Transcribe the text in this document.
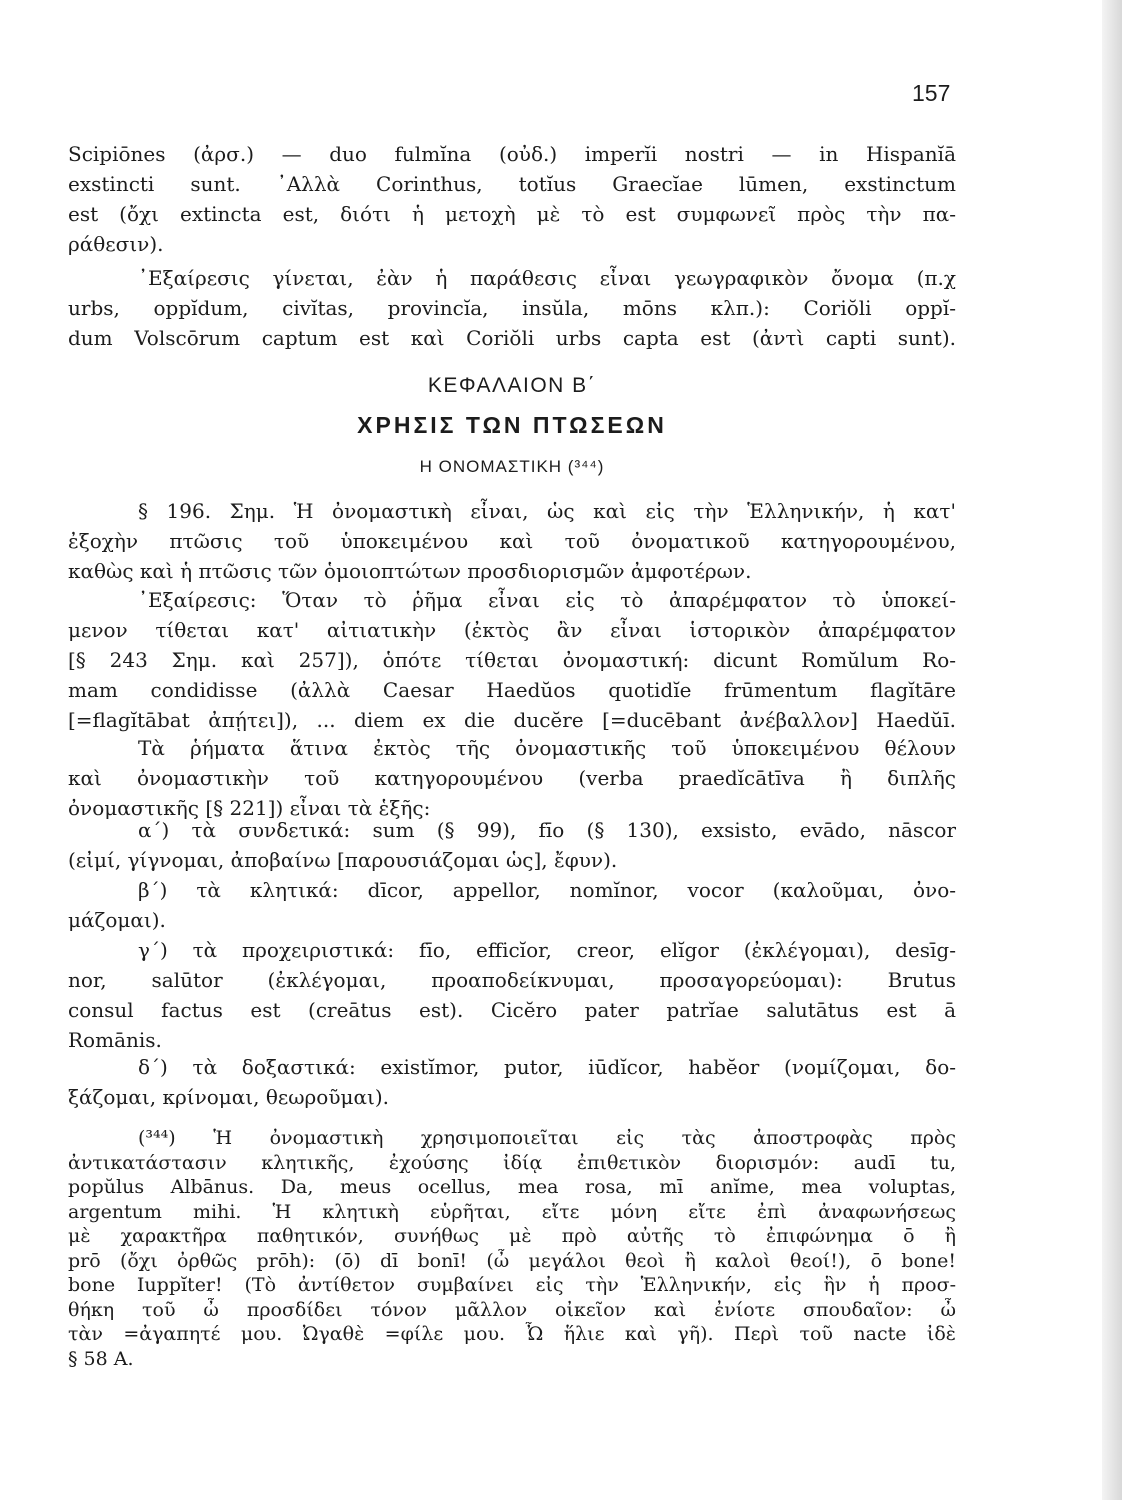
157
Scipiōnes (ἀρσ.) — duo fulmĭna (οὐδ.) imperĭi nostri — in Hispanĭā
exstincti sunt. ᾿Αλλὰ Corinthus, totĭus Graecĭae lūmen, exstinctum
est (ὄχι extincta est, διότι ἡ μετοχὴ μὲ τὸ est συμφωνεῖ πρὸς τὴν πα-
ράθεσιν).
᾿Εξαίρεσις γίνεται, ἐὰν ἡ παράθεσις εἶναι γεωγραφικὸν ὄνομα (π.χ
urbs, oppĭdum, civĭtas, provincĭa, insŭla, mōns κλπ.): Coriŏli oppĭ-
dum Volscōrum captum est καὶ Coriŏli urbs capta est (ἀντὶ capti sunt).
ΚΕΦΑΛΑΙΟΝ Β΄
ΧΡΗΣΙΣ ΤΩΝ ΠΤΩΣΕΩΝ
Η ΟΝΟΜΑΣΤΙΚΗ (³⁴⁴)
§ 196. Σημ. Ἡ ὀνομαστικὴ εἶναι, ὡς καὶ εἰς τὴν Ἑλληνικήν, ἡ κατ'
ἐξοχὴν πτῶσις τοῦ ὑποκειμένου καὶ τοῦ ὀνοματικοῦ κατηγορουμένου,
καθὼς καὶ ἡ πτῶσις τῶν ὁμοιοπτώτων προσδιορισμῶν ἀμφοτέρων.
᾿Εξαίρεσις: Ὅταν τὸ ῥῆμα εἶναι εἰς τὸ ἀπαρέμφατον τὸ ὑποκεί-
μενον τίθεται κατ' αἰτιατικὴν (ἐκτὸς ἂν εἶναι ἱστορικὸν ἀπαρέμφατον
[§ 243 Σημ. καὶ 257]), ὁπότε τίθεται ὀνομαστική: dicunt Romŭlum Ro-
mam condidisse (ἀλλὰ Caesar Haedŭos quotidĭe frūmentum flagĭtāre
[=flagĭtābat ἀπῄτει]), ... diem ex die ducĕre [=ducēbant ἀνέβαλλον] Haedŭī.
Τὰ ῥήματα ἅτινα ἐκτὸς τῆς ὀνομαστικῆς τοῦ ὑποκειμένου θέλουν
καὶ ὀνομαστικὴν τοῦ κατηγορουμένου (verba praedĭcātīva ἢ διπλῆς
ὀνομαστικῆς [§ 221]) εἶναι τὰ ἑξῆς:
α΄) τὰ συνδετικά: sum (§ 99), fīo (§ 130), exsisto, evādo, nāscor
(εἰμί, γίγνομαι, ἀποβαίνω [παρουσιάζομαι ὡς], ἔφυν).
β΄) τὰ κλητικά: dīcor, appellor, nomĭnor, vocor (καλοῦμαι, ὀνο-
μάζομαι).
γ΄) τὰ προχειριστικά: fīo, efficĭor, creor, elĭgor (ἐκλέγομαι), desīg-
nor, salūtor (ἐκλέγομαι, προαποδείκνυμαι, προσαγορεύομαι): Brutus
consul factus est (creātus est). Cicĕro pater patrĭae salutātus est ā
Romānis.
δ΄) τὰ δοξαστικά: existĭmor, putor, iūdĭcor, habĕor (νομίζομαι, δο-
ξάζομαι, κρίνομαι, θεωροῦμαι).
(³⁴⁴) Ἡ ὀνομαστικὴ χρησιμοποιεῖται εἰς τὰς ἀποστροφὰς πρὸς
ἀντικατάστασιν κλητικῆς, ἐχούσης ἰδίᾳ ἐπιθετικὸν διορισμόν: audī tu,
popŭlus Albānus. Da, meus ocellus, mea rosa, mī anĭme, mea voluptas,
argentum mihi. Ἡ κλητικὴ εὑρῆται, εἴτε μόνη εἴτε ἐπὶ ἀναφωνήσεως
μὲ χαρακτῆρα παθητικόν, συνήθως μὲ πρὸ αὐτῆς τὸ ἐπιφώνημα ō ἢ
prō (ὄχι ὀρθῶς prōh): (ō) dī bonī! (ὦ μεγάλοι θεοὶ ἢ καλοὶ θεοί!), ō bone!
bone Iuppĭter! (Τὸ ἀντίθετον συμβαίνει εἰς τὴν Ἑλληνικήν, εἰς ἣν ἡ προσ-
θήκη τοῦ ὦ προσδίδει τόνον μᾶλλον οἰκεῖον καὶ ἐνίοτε σπουδαῖον: ὦ
τὰν =ἀγαπητέ μου. Ὠγαθὲ =φίλε μου. Ὦ ἥλιε καὶ γῆ). Περὶ τοῦ nacte ἰδὲ
§ 58 Α.
